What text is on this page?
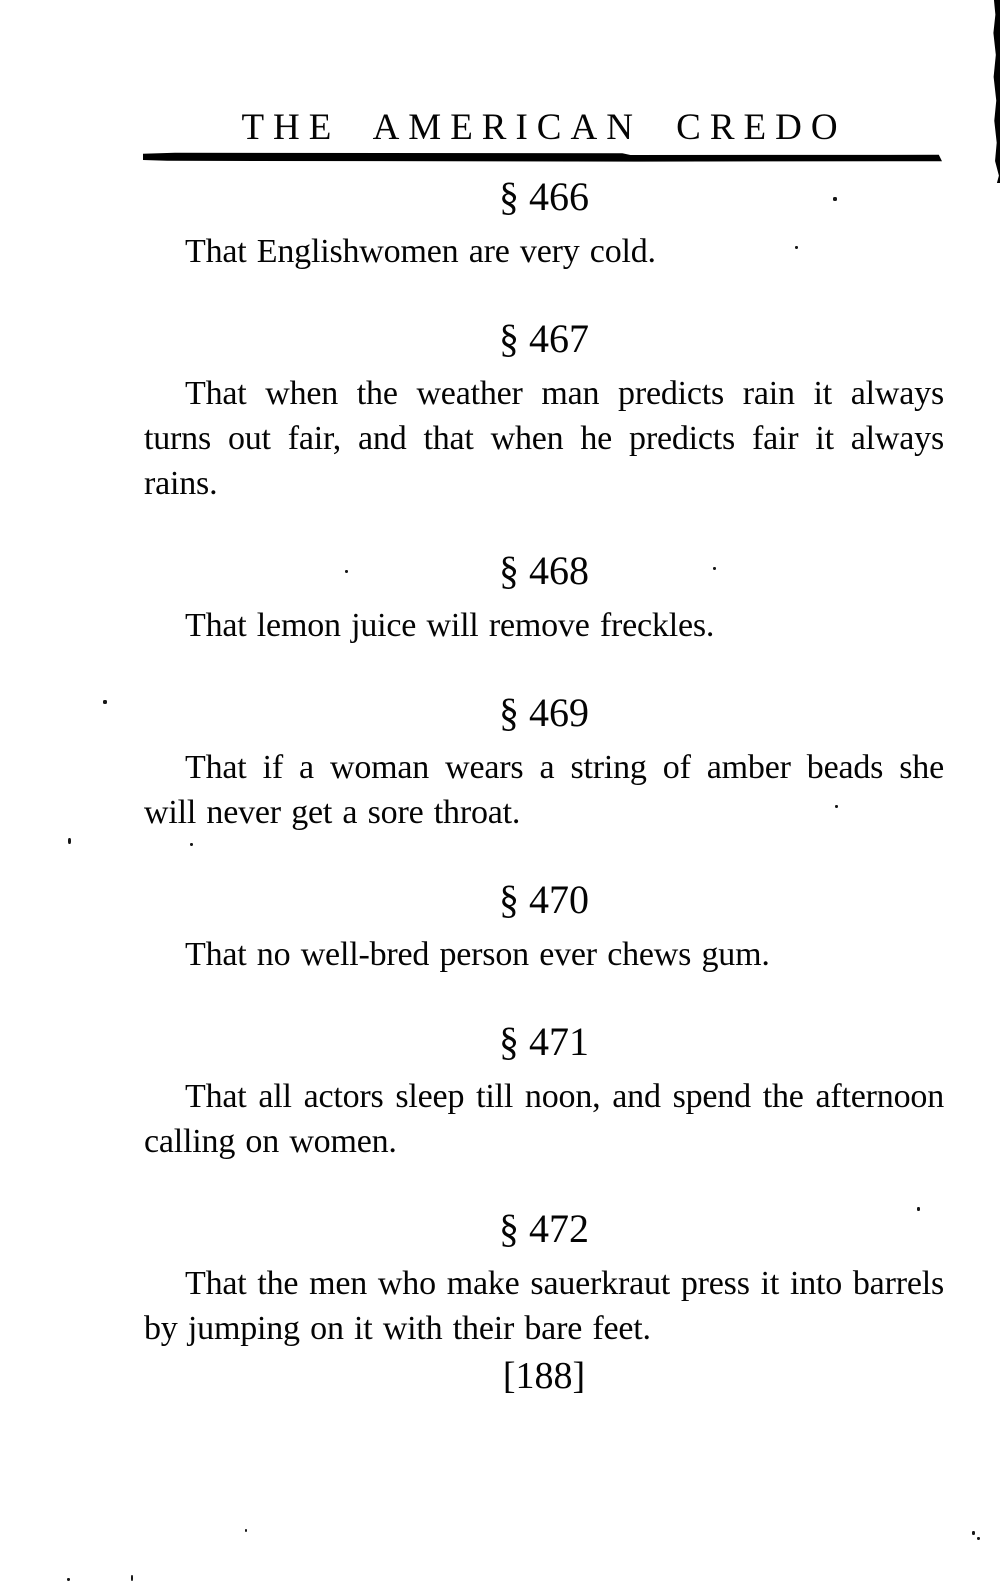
THE AMERICAN CREDO
§ 466
That Englishwomen are very cold.
§ 467
That when the weather man predicts rain it always turns out fair, and that when he predicts fair it always rains.
§ 468
That lemon juice will remove freckles.
§ 469
That if a woman wears a string of amber beads she will never get a sore throat.
§ 470
That no well-bred person ever chews gum.
§ 471
That all actors sleep till noon, and spend the afternoon calling on women.
§ 472
That the men who make sauerkraut press it into barrels by jumping on it with their bare feet.
[188]
